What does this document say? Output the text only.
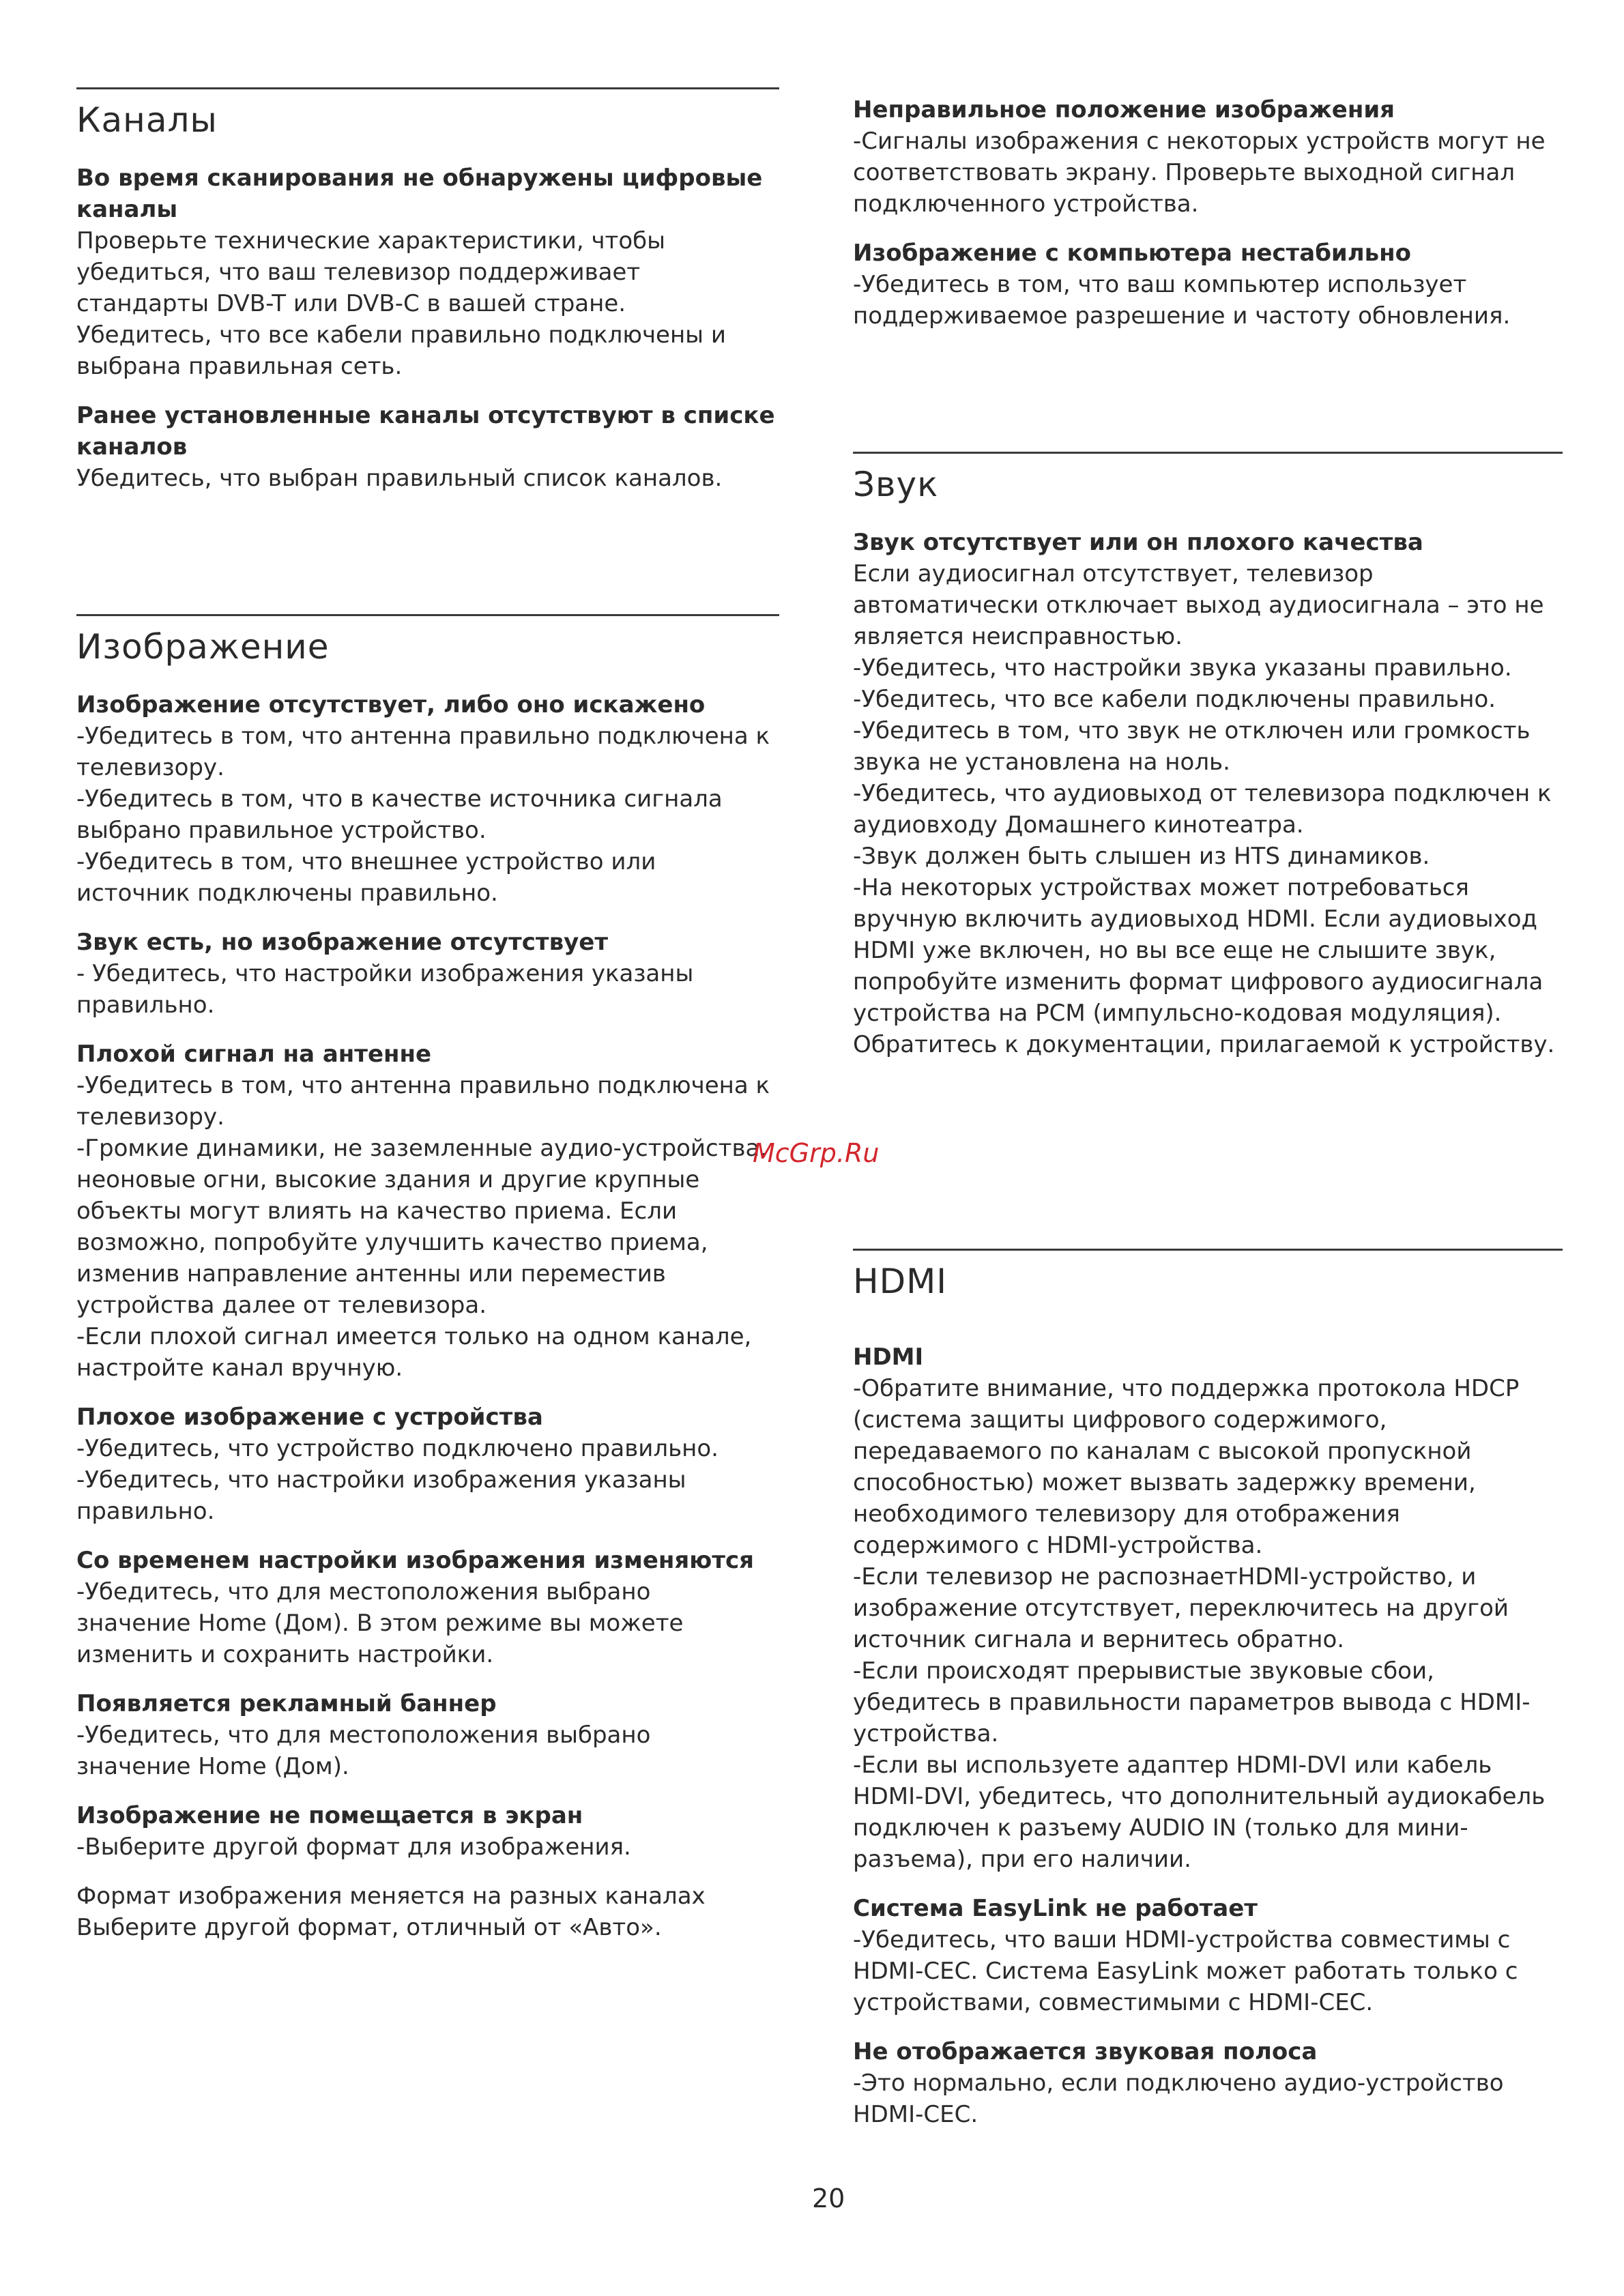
Каналы
Во время сканирования не обнаружены цифровые
каналы
Проверьте технические характеристики, чтобы
убедиться, что ваш телевизор поддерживает
стандарты DVB-T или DVB-C в вашей стране.
Убедитесь, что все кабели правильно подключены и
выбрана правильная сеть.
Ранее установленные каналы отсутствуют в списке
каналов
Убедитесь, что выбран правильный список каналов.
Изображение
Изображение отсутствует, либо оно искажено
-Убедитесь в том, что антенна правильно подключена к
телевизору.
-Убедитесь в том, что в качестве источника сигнала
выбрано правильное устройство.
-Убедитесь в том, что внешнее устройство или
источник подключены правильно.
Звук есть, но изображение отсутствует
- Убедитесь, что настройки изображения указаны
правильно.
Плохой сигнал на антенне
-Убедитесь в том, что антенна правильно подключена к
телевизору.
-Громкие динамики, не заземленные аудио-устройства,
неоновые огни, высокие здания и другие крупные
объекты могут влиять на качество приема. Если
возможно, попробуйте улучшить качество приема,
изменив направление антенны или переместив
устройства далее от телевизора.
-Если плохой сигнал имеется только на одном канале,
настройте канал вручную.
Плохое изображение с устройства
-Убедитесь, что устройство подключено правильно.
-Убедитесь, что настройки изображения указаны
правильно.
Со временем настройки изображения изменяются
-Убедитесь, что для местоположения выбрано
значение Home (Дом). В этом режиме вы можете
изменить и сохранить настройки.
Появляется рекламный баннер
-Убедитесь, что для местоположения выбрано
значение Home (Дом).
Изображение не помещается в экран
-Выберите другой формат для изображения.
Формат изображения меняется на разных каналах
Выберите другой формат, отличный от «Авто».
Неправильное положение изображения
-Сигналы изображения с некоторых устройств могут не
соответствовать экрану. Проверьте выходной сигнал
подключенного устройства.
Изображение с компьютера нестабильно
-Убедитесь в том, что ваш компьютер использует
поддерживаемое разрешение и частоту обновления.
Звук
Звук отсутствует или он плохого качества
Если аудиосигнал отсутствует, телевизор
автоматически отключает выход аудиосигнала – это не
является неисправностью.
-Убедитесь, что настройки звука указаны правильно.
-Убедитесь, что все кабели подключены правильно.
-Убедитесь в том, что звук не отключен или громкость
звука не установлена на ноль.
-Убедитесь, что аудиовыход от телевизора подключен к
аудиовходу Домашнего кинотеатра.
-Звук должен быть слышен из HTS динамиков.
-На некоторых устройствах может потребоваться
вручную включить аудиовыход HDMI. Если аудиовыход
HDMI уже включен, но вы все еще не слышите звук,
попробуйте изменить формат цифрового аудиосигнала
устройства на PCM (импульсно-кодовая модуляция).
Обратитесь к документации, прилагаемой к устройству.
HDMI
HDMI
-Обратите внимание, что поддержка протокола HDCP
(система защиты цифрового содержимого,
передаваемого по каналам с высокой пропускной
способностью) может вызвать задержку времени,
необходимого телевизору для отображения
содержимого с HDMI-устройства.
-Если телевизор не распознаетHDMI-устройство, и
изображение отсутствует, переключитесь на другой
источник сигнала и вернитесь обратно.
-Если происходят прерывистые звуковые сбои,
убедитесь в правильности параметров вывода с HDMI-
устройства.
-Если вы используете адаптер HDMI-DVI или кабель
HDMI-DVI, убедитесь, что дополнительный аудиокабель
подключен к разъему AUDIO IN (только для мини-
разъема), при его наличии.
Система EasyLink не работает
-Убедитесь, что ваши HDMI-устройства совместимы с
HDMI-CEC. Система EasyLink может работать только с
устройствами, совместимыми с HDMI-CEC.
Не отображается звуковая полоса
-Это нормально, если подключено аудио-устройство
HDMI-CEC.
McGrp.Ru
20
